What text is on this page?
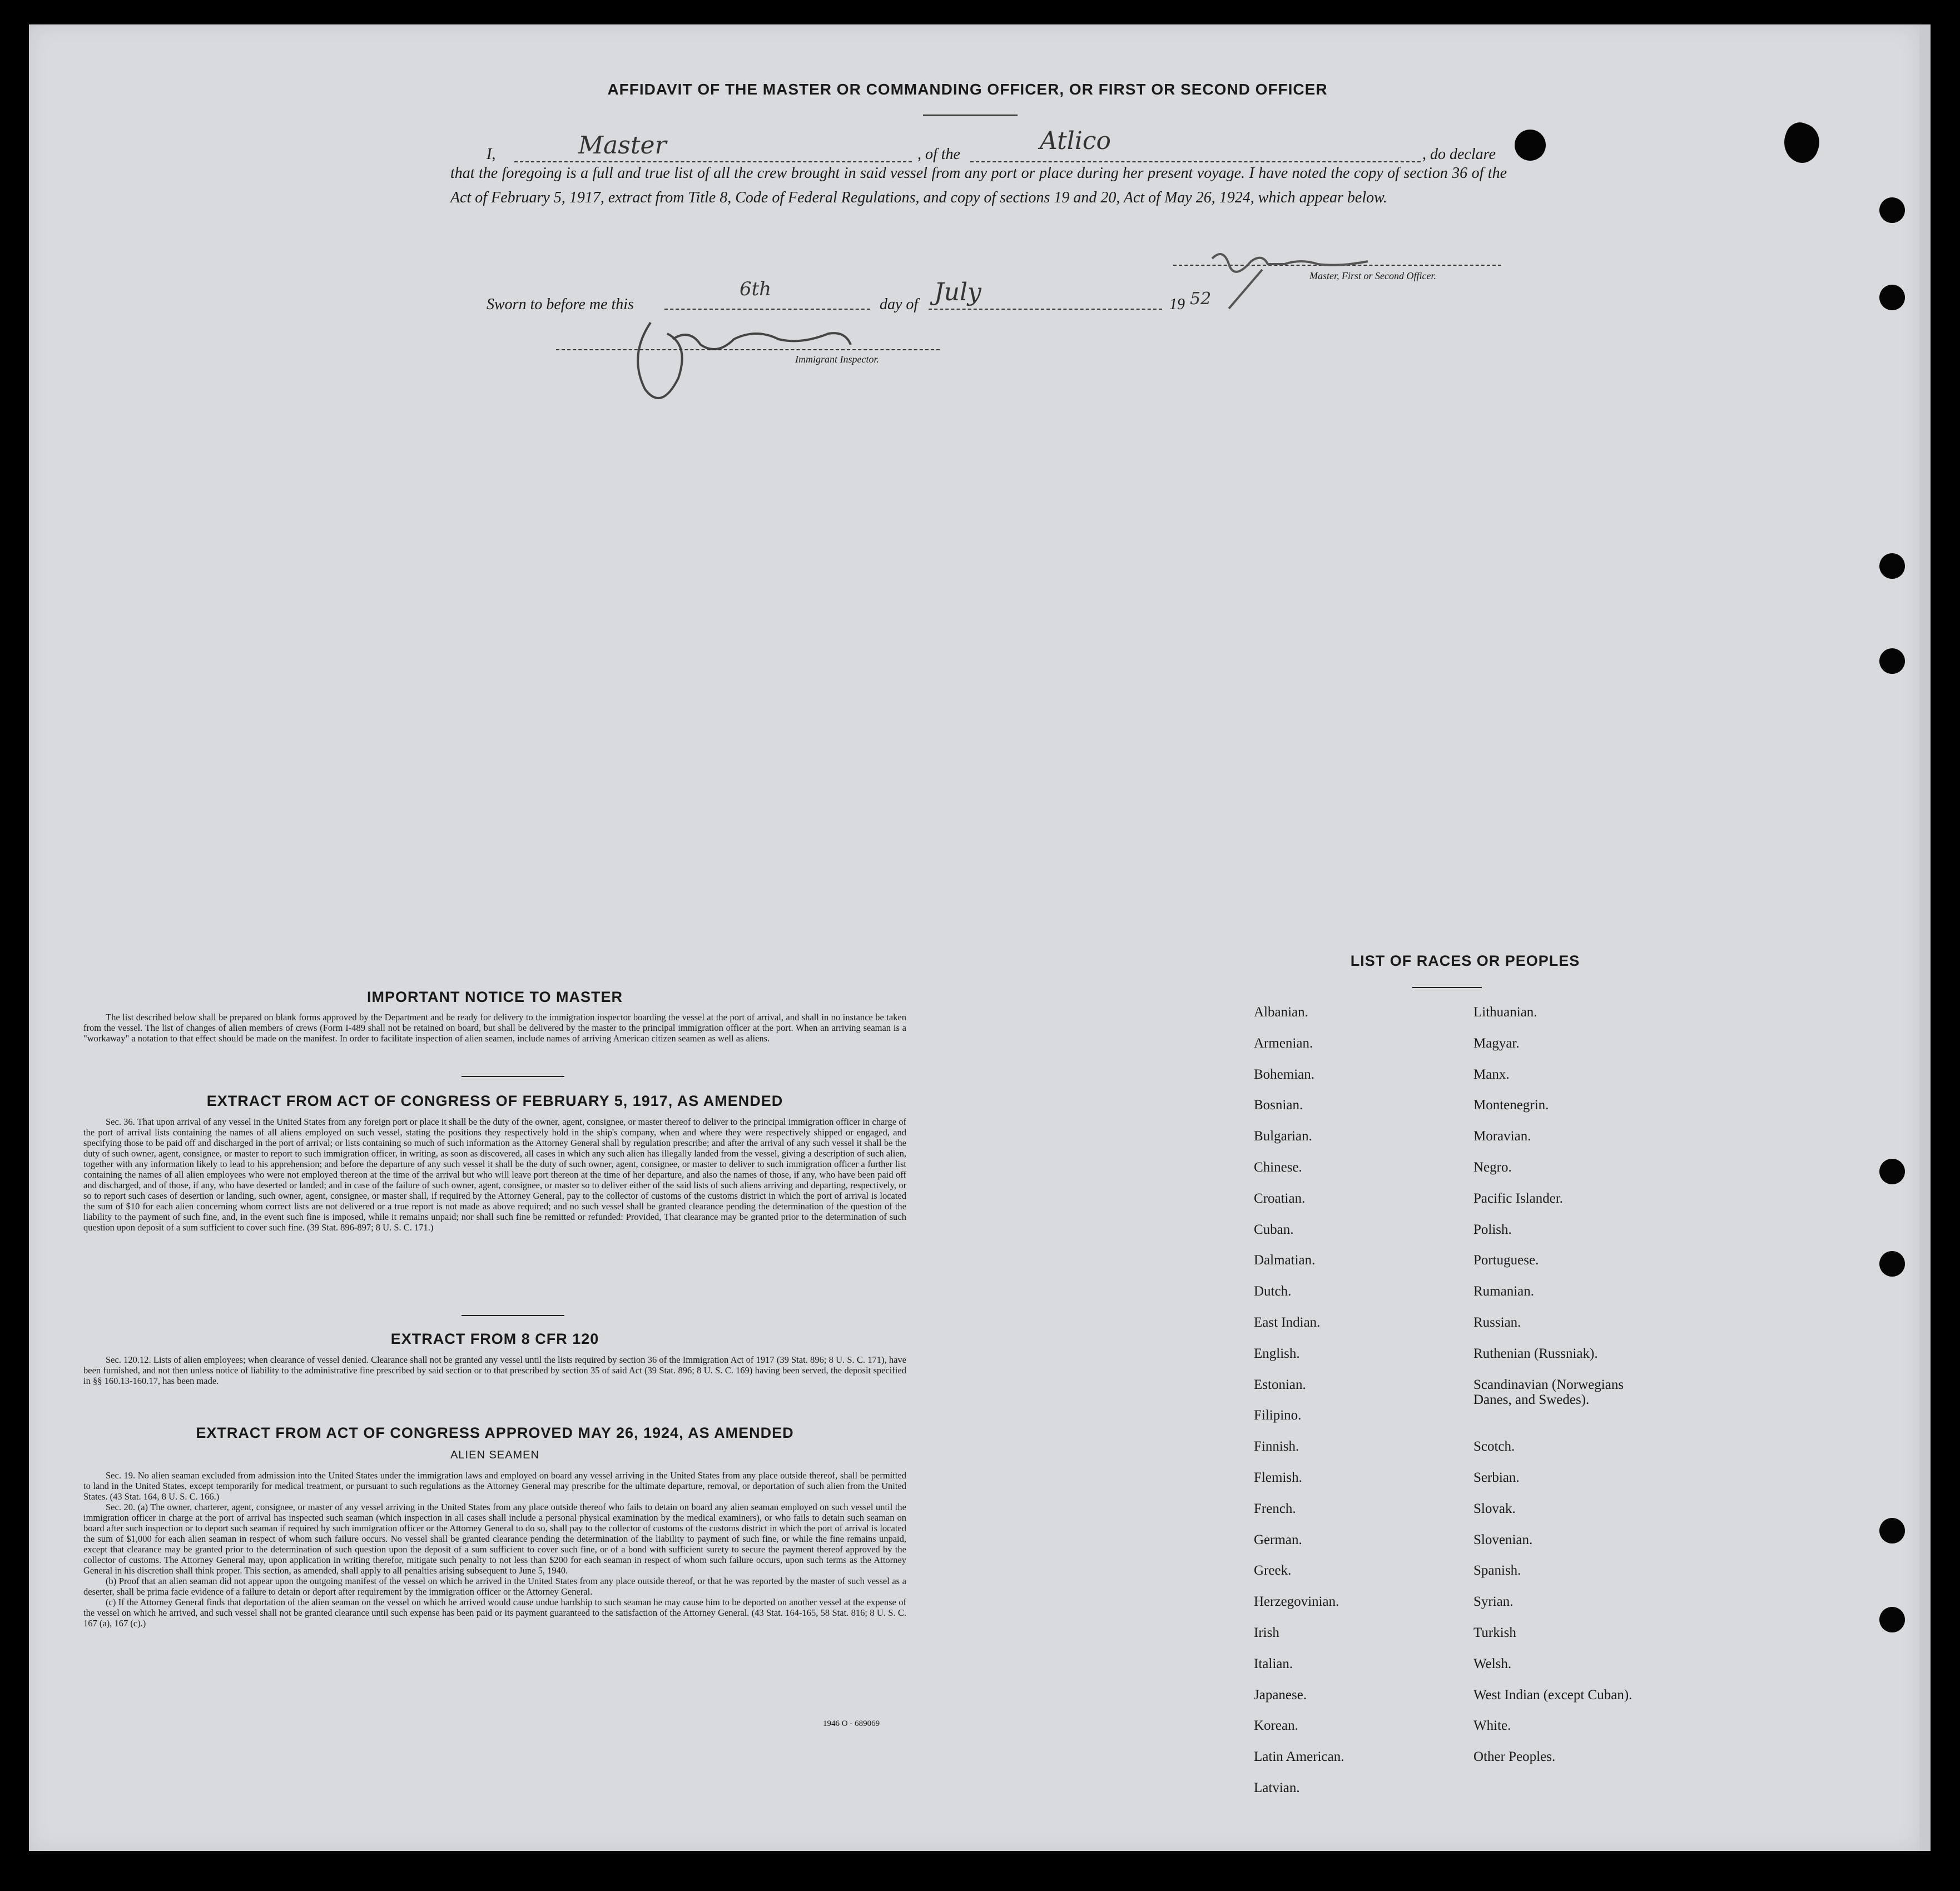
AFFIDAVIT OF THE MASTER OR COMMANDING OFFICER, OR FIRST OR SECOND OFFICER
I,	Master	, of the	Atlico	, do declare
that the foregoing is a full and true list of all the crew brought in said vessel from any port or place during her present voyage. I have noted the copy of section 36 of the Act of February 5, 1917, extract from Title 8, Code of Federal Regulations, and copy of sections 19 and 20, Act of May 26, 1924, which appear below.
Master, First or Second Officer.
Sworn to before me this
6th
day of July	19 52
Immigrant Inspector.
IMPORTANT NOTICE TO MASTER

The list described below shall be prepared on blank forms approved by the Department and be ready for delivery to the immigration inspector boarding the vessel at the port of arrival, and shall in no instance be taken from the vessel. The list of changes of alien members of crews (Form I-489 shall not be retained on board, but shall be delivered by the master to the principal immigration officer at the port. When an arriving seaman is a "workaway" a notation to that effect should be made on the manifest. In order to facilitate inspection of alien seamen, include names of arriving American citizen seamen as well as aliens.

EXTRACT FROM ACT OF CONGRESS OF FEBRUARY 5, 1917, AS AMENDED

Sec. 36. That upon arrival of any vessel in the United States from any foreign port or place it shall be the duty of the owner, agent, consignee, or master thereof to deliver to the principal immigration officer in charge of the port of arrival lists containing the names of all aliens employed on such vessel, stating the positions they respectively hold in the ship's company, when and where they were respectively shipped or engaged, and specifying those to be paid off and discharged in the port of arrival; or lists containing so much of such information as the Attorney General shall by regulation prescribe; and after the arrival of any such vessel it shall be the duty of such owner, agent, consignee, or master to report to such immigration officer, in writing, as soon as discovered, all cases in which any such alien has illegally landed from the vessel, giving a description of such alien, together with any information likely to lead to his apprehension; and before the departure of any such vessel it shall be the duty of such owner, agent, consignee, or master to deliver to such immigration officer a further list containing the names of all alien employees who were not employed thereon at the time of the arrival but who will leave port thereon at the time of her departure, and also the names of those, if any, who have been paid off and discharged, and of those, if any, who have deserted or landed; and in case of the failure of such owner, agent, consignee, or master so to deliver either of the said lists of such aliens arriving and departing, respectively, or so to report such cases of desertion or landing, such owner, agent, consignee, or master shall, if required by the Attorney General, pay to the collector of customs of the customs district in which the port of arrival is located the sum of $10 for each alien concerning whom correct lists are not delivered or a true report is not made as above required; and no such vessel shall be granted clearance pending the determination of the question of the liability to the payment of such fine, and, in the event such fine is imposed, while it remains unpaid; nor shall such fine be remitted or refunded: Provided, That clearance may be granted prior to the determination of such question upon deposit of a sum sufficient to cover such fine. (39 Stat. 896-897; 8 U. S. C. 171.)

EXTRACT FROM 8 CFR 120

Sec. 120.12. Lists of alien employees; when clearance of vessel denied. Clearance shall not be granted any vessel until the lists required by section 36 of the Immigration Act of 1917 (39 Stat. 896; 8 U. S. C. 171), have been furnished, and not then unless notice of liability to the administrative fine prescribed by said section or to that prescribed by section 35 of said Act (39 Stat. 896; 8 U. S. C. 169) having been served, the deposit specified in §§ 160.13-160.17, has been made.

EXTRACT FROM ACT OF CONGRESS APPROVED MAY 26, 1924, AS AMENDED
ALIEN SEAMEN

Sec. 19. No alien seaman excluded from admission into the United States under the immigration laws and employed on board any vessel arriving in the United States from any place outside thereof, shall be permitted to land in the United States, except temporarily for medical treatment, or pursuant to such regulations as the Attorney General may prescribe for the ultimate departure, removal, or deportation of such alien from the United States. (43 Stat. 164, 8 U. S. C. 166.)

Sec. 20. (a) The owner, charterer, agent, consignee, or master of any vessel arriving in the United States from any place outside thereof who fails to detain on board any alien seaman employed on such vessel until the immigration officer in charge at the port of arrival has inspected such seaman (which inspection in all cases shall include a personal physical examination by the medical examiners), or who fails to detain such seaman on board after such inspection or to deport such seaman if required by such immigration officer or the Attorney General to do so, shall pay to the collector of customs of the customs district in which the port of arrival is located the sum of $1,000 for each alien seaman in respect of whom such failure occurs. No vessel shall be granted clearance pending the determination of the liability to payment of such fine, or while the fine remains unpaid, except that clearance may be granted prior to the determination of such question upon the deposit of a sum sufficient to cover such fine, or of a bond with sufficient surety to secure the payment thereof approved by the collector of customs. The Attorney General may, upon application in writing therefor, mitigate such penalty to not less than $200 for each seaman in respect of whom such failure occurs, upon such terms as the Attorney General in his discretion shall think proper. This section, as amended, shall apply to all penalties arising subsequent to June 5, 1940.

(b) Proof that an alien seaman did not appear upon the outgoing manifest of the vessel on which he arrived in the United States from any place outside thereof, or that he was reported by the master of such vessel as a deserter, shall be prima facie evidence of a failure to detain or deport after requirement by the immigration officer or the Attorney General.

(c) If the Attorney General finds that deportation of the alien seaman on the vessel on which he arrived would cause undue hardship to such seaman he may cause him to be deported on another vessel at the expense of the vessel on which he arrived, and such vessel shall not be granted clearance until such expense has been paid or its payment guaranteed to the satisfaction of the Attorney General. (43 Stat. 164-165, 58 Stat. 816; 8 U. S. C. 167 (a), 167 (c).)

1946 O - 689069
LIST OF RACES OR PEOPLES
Albanian.
Armenian.
Bohemian.
Bosnian.
Bulgarian.
Chinese.
Croatian.
Cuban.
Dalmatian.
Dutch.
East Indian.
English.
Estonian.
Filipino.
Finnish.
Flemish.
French.
German.
Greek.
Herzegovinian.
Irish
Italian.
Japanese.
Korean.
Latin American.
Latvian.
Lithuanian.
Magyar.
Manx.
Montenegrin.
Moravian.
Negro.
Pacific Islander.
Polish.
Portuguese.
Rumanian.
Russian.
Ruthenian (Russniak).
Scandinavian (Norwegians
Danes, and Swedes).
Scotch.
Serbian.
Slovak.
Slovenian.
Spanish.
Syrian.
Turkish
Welsh.
West Indian (except Cuban).
White.
Other Peoples.
